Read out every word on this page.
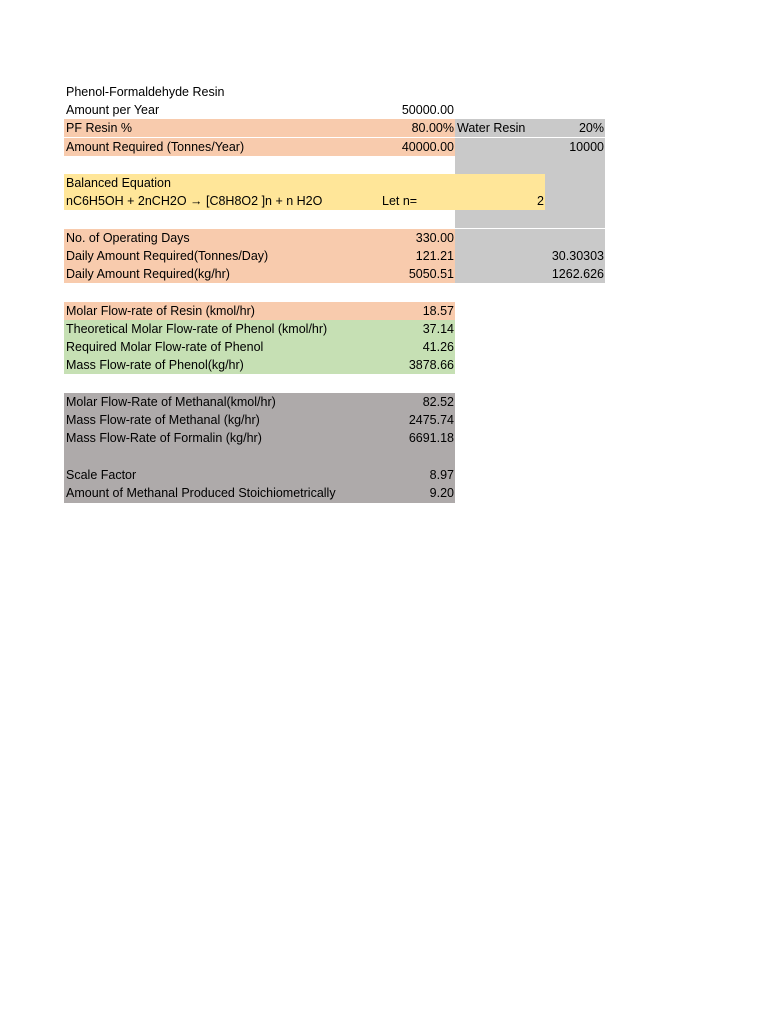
Phenol-Formaldehyde Resin
Amount per Year	50000.00
PF Resin %	80.00% Water Resin	20%
Amount Required (Tonnes/Year)	40000.00	10000
Balanced Equation
nC6H5OH + 2nCH2O → [C8H8O2 ]n + n H2O	Let n=	2
No. of Operating Days	330.00
Daily Amount Required(Tonnes/Day)	121.21	30.30303
Daily Amount Required(kg/hr)	5050.51	1262.626
Molar Flow-rate of Resin (kmol/hr)	18.57
Theoretical Molar Flow-rate of Phenol (kmol/hr)	37.14
Required Molar Flow-rate of Phenol	41.26
Mass Flow-rate of Phenol(kg/hr)	3878.66
Molar Flow-Rate of Methanal(kmol/hr)	82.52
Mass Flow-rate of Methanal (kg/hr)	2475.74
Mass Flow-Rate of Formalin (kg/hr)	6691.18
Scale Factor	8.97
Amount of Methanal Produced Stoichiometrically	9.20
